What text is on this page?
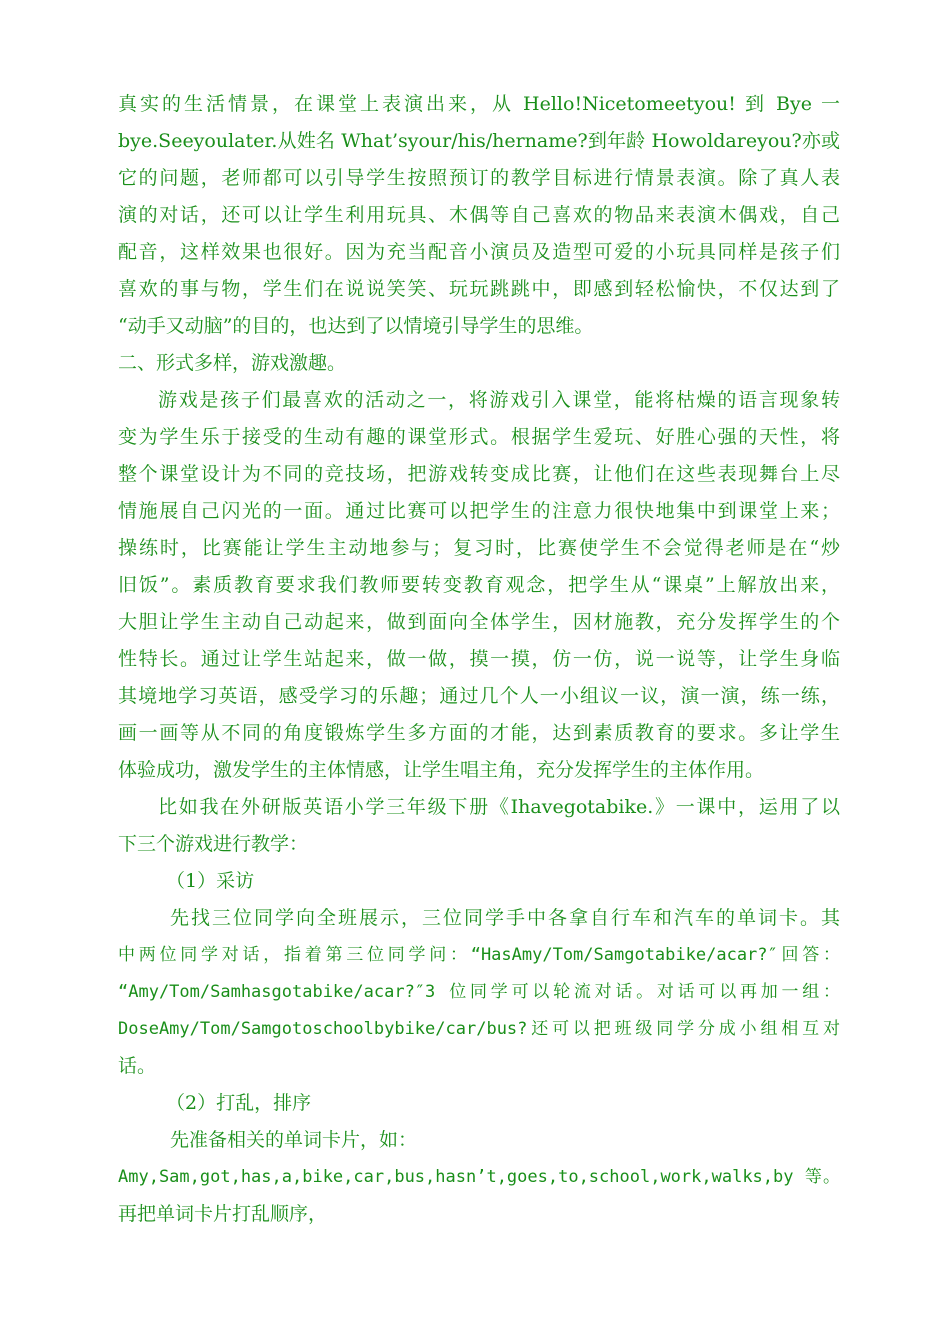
真实的生活情景，在课堂上表演出来，从 Hello!Nicetomeetyou! 到 Bye 一
bye.Seeyoulater.从姓名 What’syour/his/hername?到年龄 Howoldareyou?亦或
它的问题，老师都可以引导学生按照预订的教学目标进行情景表演。除了真人表
演的对话，还可以让学生利用玩具、木偶等自己喜欢的物品来表演木偶戏，自己
配音，这样效果也很好。因为充当配音小演员及造型可爱的小玩具同样是孩子们
喜欢的事与物，学生们在说说笑笑、玩玩跳跳中，即感到轻松愉快，不仅达到了
“动手又动脑”的目的，也达到了以情境引导学生的思维。
二、形式多样，游戏激趣。
游戏是孩子们最喜欢的活动之一，将游戏引入课堂，能将枯燥的语言现象转
变为学生乐于接受的生动有趣的课堂形式。根据学生爱玩、好胜心强的天性，将
整个课堂设计为不同的竞技场，把游戏转变成比赛，让他们在这些表现舞台上尽
情施展自己闪光的一面。通过比赛可以把学生的注意力很快地集中到课堂上来；
操练时，比赛能让学生主动地参与；复习时，比赛使学生不会觉得老师是在“炒
旧饭”。素质教育要求我们教师要转变教育观念，把学生从“课桌”上解放出来，
大胆让学生主动自己动起来，做到面向全体学生，因材施教，充分发挥学生的个
性特长。通过让学生站起来，做一做，摸一摸，仿一仿，说一说等，让学生身临
其境地学习英语，感受学习的乐趣；通过几个人一小组议一议，演一演，练一练，
画一画等从不同的角度锻炼学生多方面的才能，达到素质教育的要求。多让学生
体验成功，激发学生的主体情感，让学生唱主角，充分发挥学生的主体作用。
比如我在外研版英语小学三年级下册《Ihavegotabike.》一课中，运用了以
下三个游戏进行教学：
（1）采访
先找三位同学向全班展示，三位同学手中各拿自行车和汽车的单词卡。其
中两位同学对话，指着第三位同学问：“HasAmy/Tom/Samgotabike/acar?″回答：
“Amy/Tom/Samhasgotabike/acar?″3 位同学可以轮流对话。对话可以再加一组：
DoseAmy/Tom/Samgotoschoolbybike/car/bus?还可以把班级同学分成小组相互对
话。
（2）打乱，排序
先准备相关的单词卡片，如：
Amy,Sam,got,has,a,bike,car,bus,hasn’t,goes,to,school,work,walks,by 等。
再把单词卡片打乱顺序，
